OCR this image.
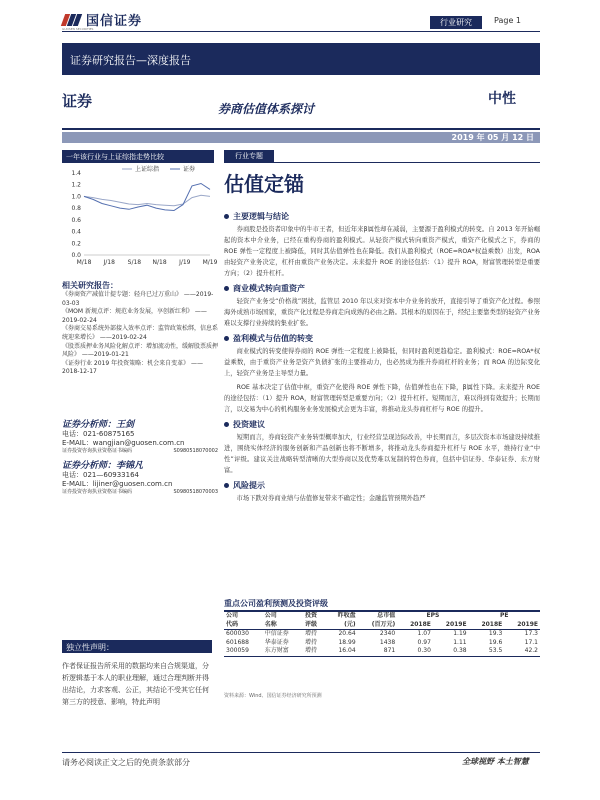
国信证券
GUOSEN SECURITIES
行业研究	Page 1
证券研究报告—深度报告
证券	中性
券商估值体系探讨
2019 年 05 月 12 日
一年该行业与上证综指走势比较
1.4
1.2
1.0
0.8
0.6
0.4
0.2
0.0
M/18 J/18 S/18 N/18 J/19 M/19
上证综指	证券
相关研究报告：
《券商资产减值计提专题：轻舟已过万重山》 ——2019-03-03
《MOM 新规点评：规范业务发展，享创新红利》 ——2019-02-24
《券商交易系统外部接入效率点评：监管政策松绑，信息系统迎来增长》 ——2019-02-24
《股票质押业务风险化解点评：增加流动性，缓解股票质押风险》 ——2019-01-21
《证券行业 2019 年投资策略：机会来自变革》 ——2018-12-17
证券分析师：王剑
电话：021-60875165
E-MAIL：wangjian@guosen.com.cn
证券投资咨询执业资格证书编码	S0980518070002
证券分析师：李锦凡
电话：021—60933164
E-MAIL：lijiner@guosen.com.cn
证券投资咨询执业资格证书编码	S0980518070003
独立性声明：
作者保证报告所采用的数据均来自合规渠道，分析逻辑基于本人的职业理解，通过合理判断并得出结论，力求客观、公正，其结论不受其它任何第三方的授意、影响，特此声明
行业专题
估值定锚
主要逻辑与结论
券商股是投资者印象中的牛市王者，但近年来β属性却在减弱，主要源于盈利模式的转变。自 2013 年开始崛起的资本中介业务，已经在重构券商的盈利模式。从轻资产模式转向重资产模式，重资产化模式之下，券商的 ROE 弹性一定程度上被降低，同时其估值弹性也在降低。我们从盈利模式（ROE=ROA*权益乘数）出发，ROA 由轻资产业务决定，杠杆由重资产业务决定。未来提升 ROE 的途径包括：（1）提升 ROA，财富管理转型是重要方向；（2）提升杠杆。
商业模式转向重资产
轻资产业务受“价格战”困扰，监管层 2010 年以来对资本中介业务的放开，直接引导了重资产化过程。参照海外成熟市场国家，重资产化过程是券商走向成熟的必由之路。其根本的原因在于，经纪主要靠类型的轻资产业务难以支撑行业持续的集业扩张。
盈利模式与估值的转变
商业模式的转变使得券商的 ROE 弹性一定程度上被降低，但同时盈利更趋稳定。盈利模式：ROE=ROA*权益乘数，由于重资产业务是资产负债扩张的主要推动力，也必然成为推升券商杠杆的业务；而 ROA 的边际变化上，轻资产业务是主导型力量。
ROE 基本决定了估值中枢，重资产化使得 ROE 弹性下降，估值弹性也在下降，β属性下降。未来提升 ROE 的途径包括：（1）提升 ROA，财富管理转型是重要方向；（2）提升杠杆。短期而言，难以得到有效提升；长期而言，以交易为中心的机构服务业务发展模式会更为丰富，将推动龙头券商杠杆与 ROE 的提升。
投资建议
短期而言，券商轻资产业务转型概率加大，行业经营呈现边际改善，中长期而言，多层次资本市场建设持续推进，围绕实体经济的服务创新和产品创新也将不断增多，将推动龙头券商提升杠杆与 ROE 水平，维持行业“中性”评级。建议关注战略转型清晰的大型券商以及优势难以复制的特色券商，包括中信证券、华泰证券、东方财富。
风险提示
市场下跌对券商业绩与估值修复带来不确定性；金融监管预期外趋严
重点公司盈利预测及投资评级
公司	公司	投资	昨收盘	总市值	EPS		PE	
代码	名称	评级	(元)	(百万元)	2018E	2019E	2018E	2019E
600030	中信证券	增持	20.64	2340	1.07	1.19	19.3	17.3
601688	华泰证券	增持	18.99	1438	0.97	1.11	19.6	17.1
300059	东方财富	增持	16.04	871	0.30	0.38	53.5	42.2
资料来源：Wind、国信证券经济研究所预测
请务必阅读正文之后的免责条款部分	全球视野 本土智慧
